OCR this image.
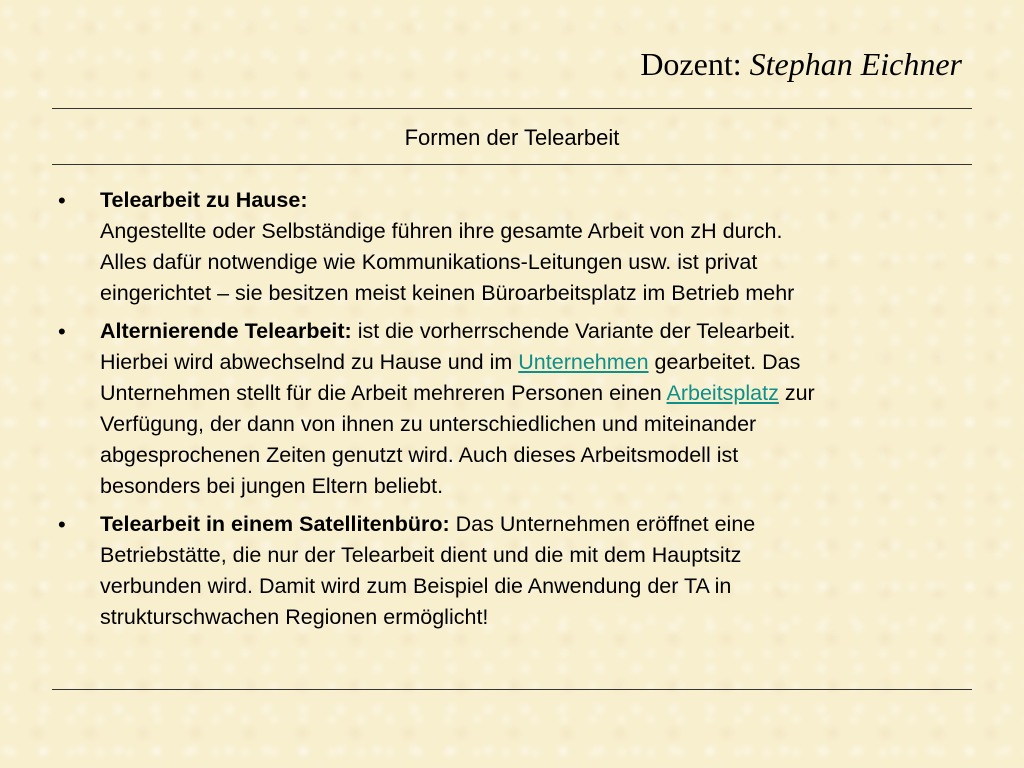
Dozent: Stephan Eichner
Formen der Telearbeit
• Telearbeit zu Hause:
Angestellte oder Selbständige führen ihre gesamte Arbeit von zH durch.
Alles dafür notwendige wie Kommunikations-Leitungen usw. ist privat
eingerichtet – sie besitzen meist keinen Büroarbeitsplatz im Betrieb mehr
• Alternierende Telearbeit: ist die vorherrschende Variante der Telearbeit.
Hierbei wird abwechselnd zu Hause und im Unternehmen gearbeitet. Das
Unternehmen stellt für die Arbeit mehreren Personen einen Arbeitsplatz zur
Verfügung, der dann von ihnen zu unterschiedlichen und miteinander
abgesprochenen Zeiten genutzt wird. Auch dieses Arbeitsmodell ist
besonders bei jungen Eltern beliebt.
• Telearbeit in einem Satellitenbüro: Das Unternehmen eröffnet eine
Betriebstätte, die nur der Telearbeit dient und die mit dem Hauptsitz
verbunden wird. Damit wird zum Beispiel die Anwendung der TA in
strukturschwachen Regionen ermöglicht!
